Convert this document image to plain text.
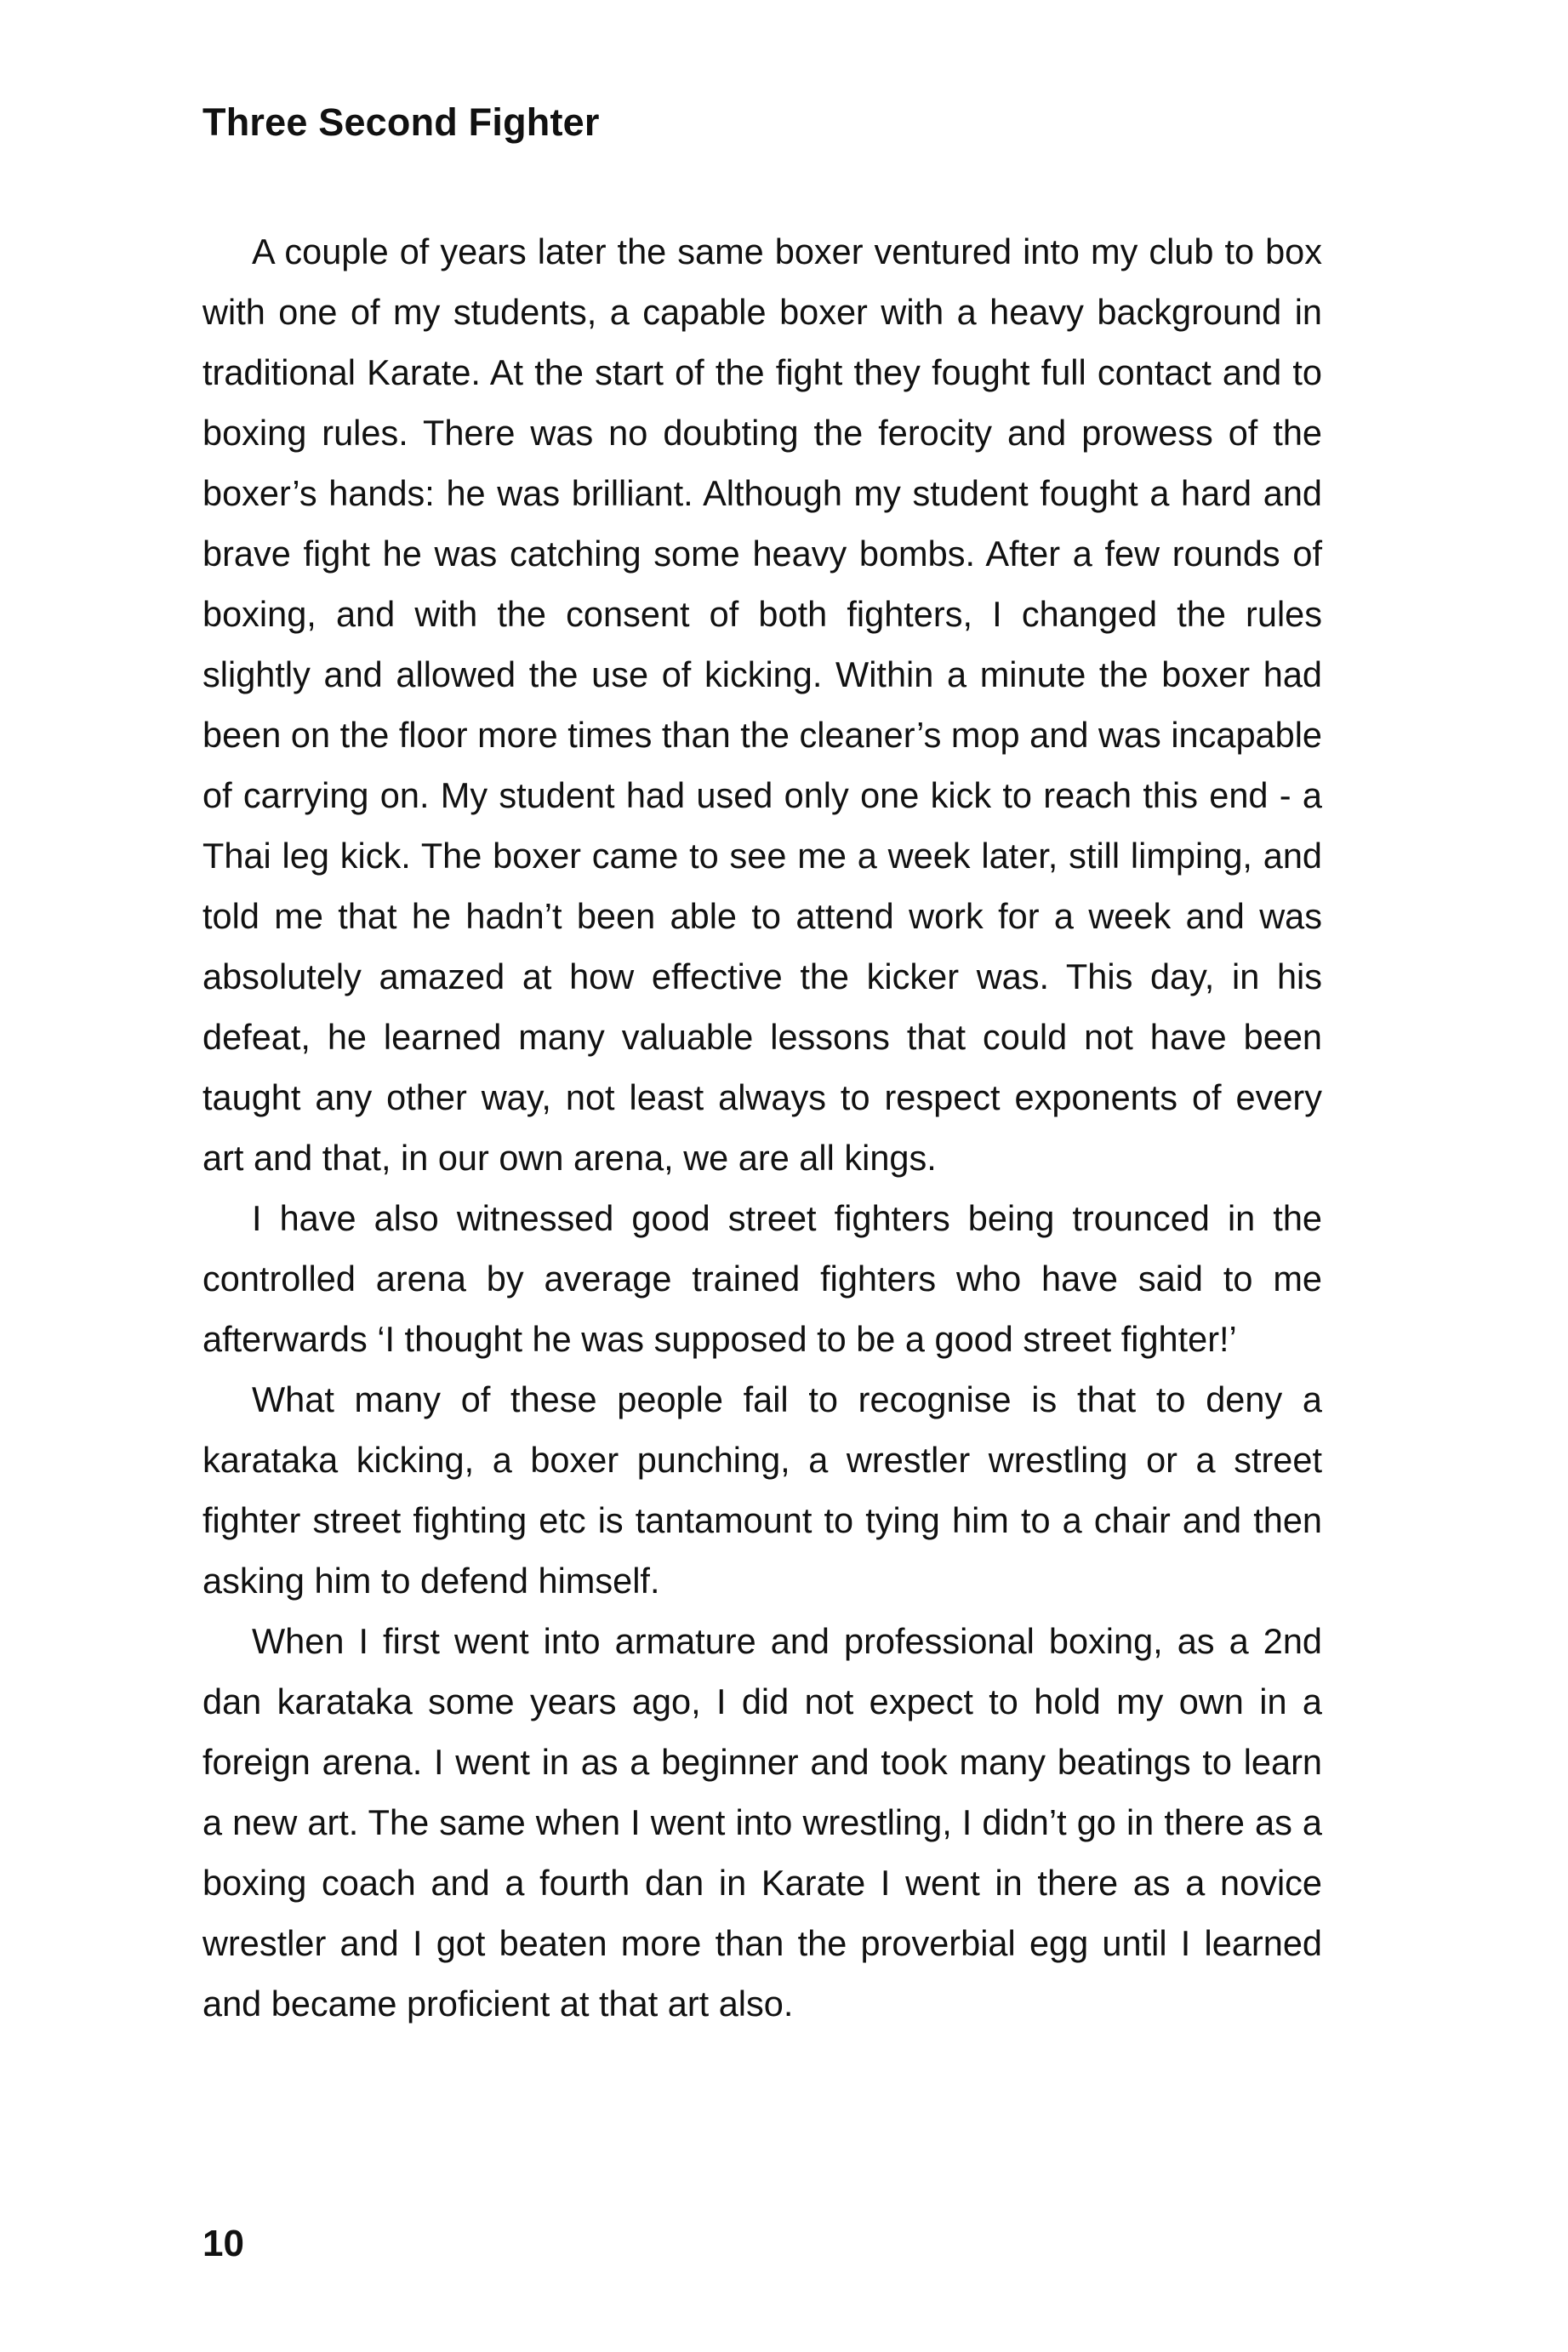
Three Second Fighter

A couple of years later the same boxer ventured into my club to box with one of my students, a capable boxer with a heavy background in traditional Karate. At the start of the fight they fought full contact and to boxing rules. There was no doubting the ferocity and prowess of the boxer’s hands: he was brilliant. Although my student fought a hard and brave fight he was catching some heavy bombs. After a few rounds of boxing, and with the consent of both fighters, I changed the rules slightly and allowed the use of kicking. Within a minute the boxer had been on the floor more times than the cleaner’s mop and was incapable of carrying on. My student had used only one kick to reach this end - a Thai leg kick. The boxer came to see me a week later, still limping, and told me that he hadn’t been able to attend work for a week and was absolutely amazed at how effective the kicker was. This day, in his defeat, he learned many valuable lessons that could not have been taught any other way, not least always to respect exponents of every art and that, in our own arena, we are all kings.

I have also witnessed good street fighters being trounced in the controlled arena by average trained fighters who have said to me afterwards ‘I thought he was supposed to be a good street fighter!’

What many of these people fail to recognise is that to deny a karataka kicking, a boxer punching, a wrestler wrestling or a street fighter street fighting etc is tantamount to tying him to a chair and then asking him to defend himself.

When I first went into armature and professional boxing, as a 2nd dan karataka some years ago, I did not expect to hold my own in a foreign arena. I went in as a beginner and took many beatings to learn a new art. The same when I went into wrestling, I didn’t go in there as a boxing coach and a fourth dan in Karate I went in there as a novice wrestler and I got beaten more than the proverbial egg until I learned and became proficient at that art also.

10
